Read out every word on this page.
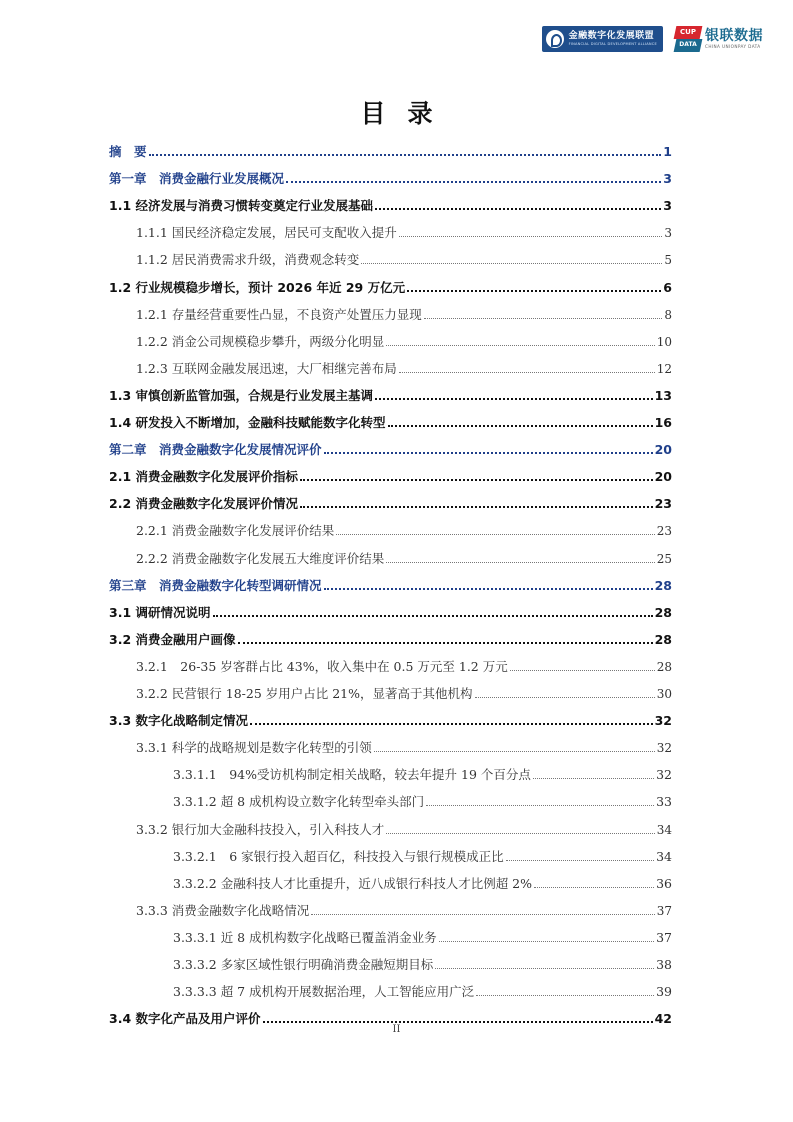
金融数字化发展联盟
FINANCIAL DIGITAL DEVELOPMENT ALLIANCE
CUP
DATA
银联数据
CHINA UNIONPAY DATA
目录
摘　要	1
第一章　消费金融行业发展概况	3
1.1 经济发展与消费习惯转变奠定行业发展基础	3
1.1.1 国民经济稳定发展，居民可支配收入提升	3
1.1.2 居民消费需求升级，消费观念转变	5
1.2 行业规模稳步增长，预计 2026 年近 29 万亿元	6
1.2.1 存量经营重要性凸显，不良资产处置压力显现	8
1.2.2 消金公司规模稳步攀升，两级分化明显	10
1.2.3 互联网金融发展迅速，大厂相继完善布局	12
1.3 审慎创新监管加强，合规是行业发展主基调	13
1.4 研发投入不断增加，金融科技赋能数字化转型	16
第二章　消费金融数字化发展情况评价	20
2.1 消费金融数字化发展评价指标	20
2.2 消费金融数字化发展评价情况	23
2.2.1 消费金融数字化发展评价结果	23
2.2.2 消费金融数字化发展五大维度评价结果	25
第三章　消费金融数字化转型调研情况	28
3.1 调研情况说明	28
3.2 消费金融用户画像	28
3.2.1　26-35 岁客群占比 43%，收入集中在 0.5 万元至 1.2 万元	28
3.2.2 民营银行 18-25 岁用户占比 21%，显著高于其他机构	30
3.3 数字化战略制定情况	32
3.3.1 科学的战略规划是数字化转型的引领	32
3.3.1.1　94%受访机构制定相关战略，较去年提升 19 个百分点	32
3.3.1.2 超 8 成机构设立数字化转型牵头部门	33
3.3.2 银行加大金融科技投入，引入科技人才	34
3.3.2.1　6 家银行投入超百亿，科技投入与银行规模成正比	34
3.3.2.2 金融科技人才比重提升，近八成银行科技人才比例超 2%	36
3.3.3 消费金融数字化战略情况	37
3.3.3.1 近 8 成机构数字化战略已覆盖消金业务	37
3.3.3.2 多家区域性银行明确消费金融短期目标	38
3.3.3.3 超 7 成机构开展数据治理，人工智能应用广泛	39
3.4 数字化产品及用户评价	42
II
